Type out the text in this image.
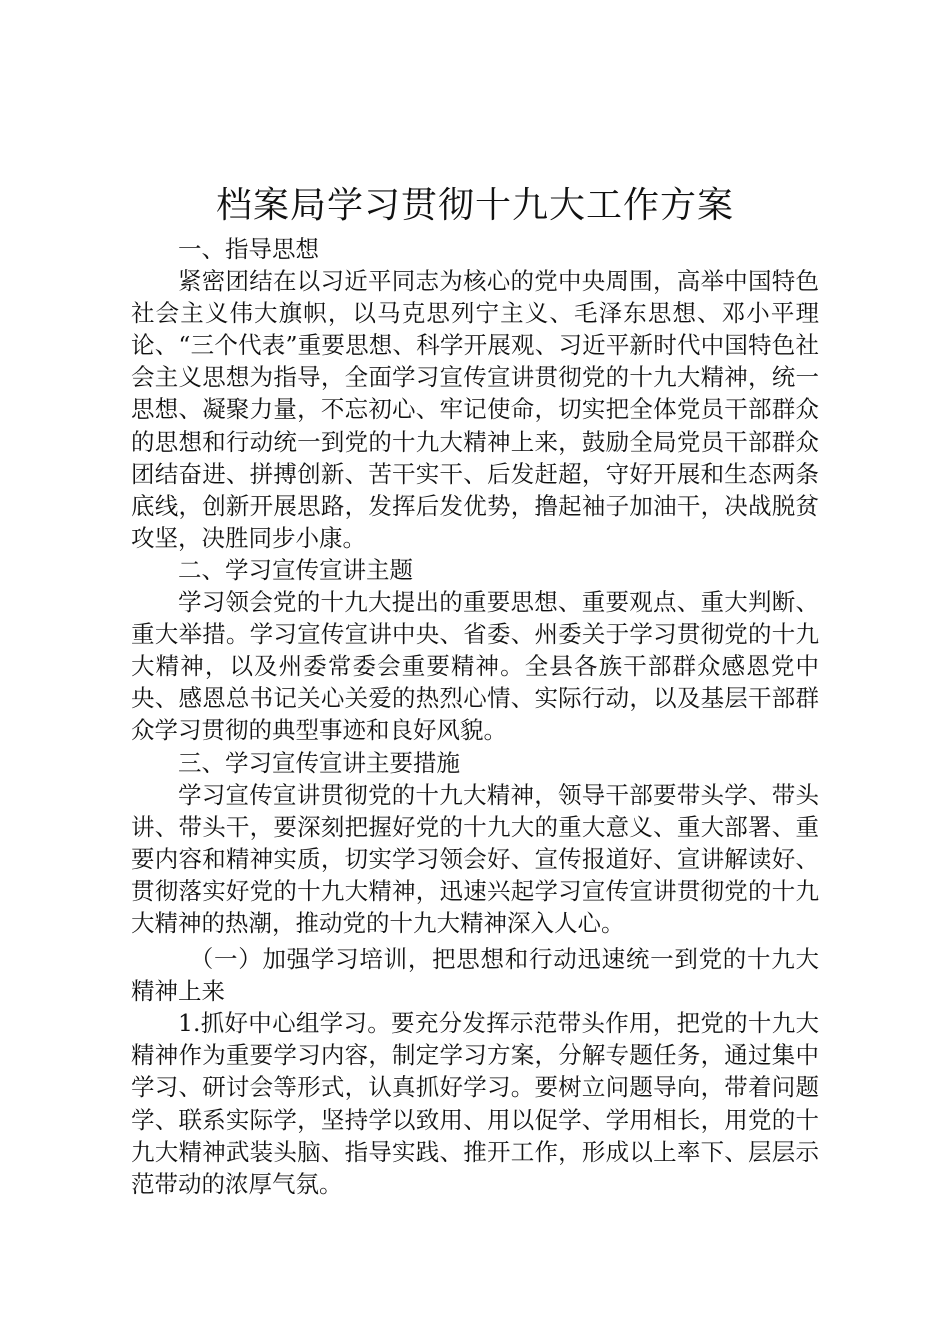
档案局学习贯彻十九大工作方案

一、指导思想

紧密团结在以习近平同志为核心的党中央周围，高举中国特色社会主义伟大旗帜，以马克思列宁主义、毛泽东思想、邓小平理论、“三个代表”重要思想、科学开展观、习近平新时代中国特色社会主义思想为指导，全面学习宣传宣讲贯彻党的十九大精神，统一思想、凝聚力量，不忘初心、牢记使命，切实把全体党员干部群众的思想和行动统一到党的十九大精神上来，鼓励全局党员干部群众团结奋进、拼搏创新、苦干实干、后发赶超，守好开展和生态两条底线，创新开展思路，发挥后发优势，撸起袖子加油干，决战脱贫攻坚，决胜同步小康。

二、学习宣传宣讲主题

学习领会党的十九大提出的重要思想、重要观点、重大判断、重大举措。学习宣传宣讲中央、省委、州委关于学习贯彻党的十九大精神，以及州委常委会重要精神。全县各族干部群众感恩党中央、感恩总书记关心关爱的热烈心情、实际行动，以及基层干部群众学习贯彻的典型事迹和良好风貌。

三、学习宣传宣讲主要措施

学习宣传宣讲贯彻党的十九大精神，领导干部要带头学、带头讲、带头干，要深刻把握好党的十九大的重大意义、重大部署、重要内容和精神实质，切实学习领会好、宣传报道好、宣讲解读好、贯彻落实好党的十九大精神，迅速兴起学习宣传宣讲贯彻党的十九大精神的热潮，推动党的十九大精神深入人心。

（一）加强学习培训，把思想和行动迅速统一到党的十九大精神上来

1.抓好中心组学习。要充分发挥示范带头作用，把党的十九大精神作为重要学习内容，制定学习方案，分解专题任务，通过集中学习、研讨会等形式，认真抓好学习。要树立问题导向，带着问题学、联系实际学，坚持学以致用、用以促学、学用相长，用党的十九大精神武装头脑、指导实践、推开工作，形成以上率下、层层示范带动的浓厚气氛。
